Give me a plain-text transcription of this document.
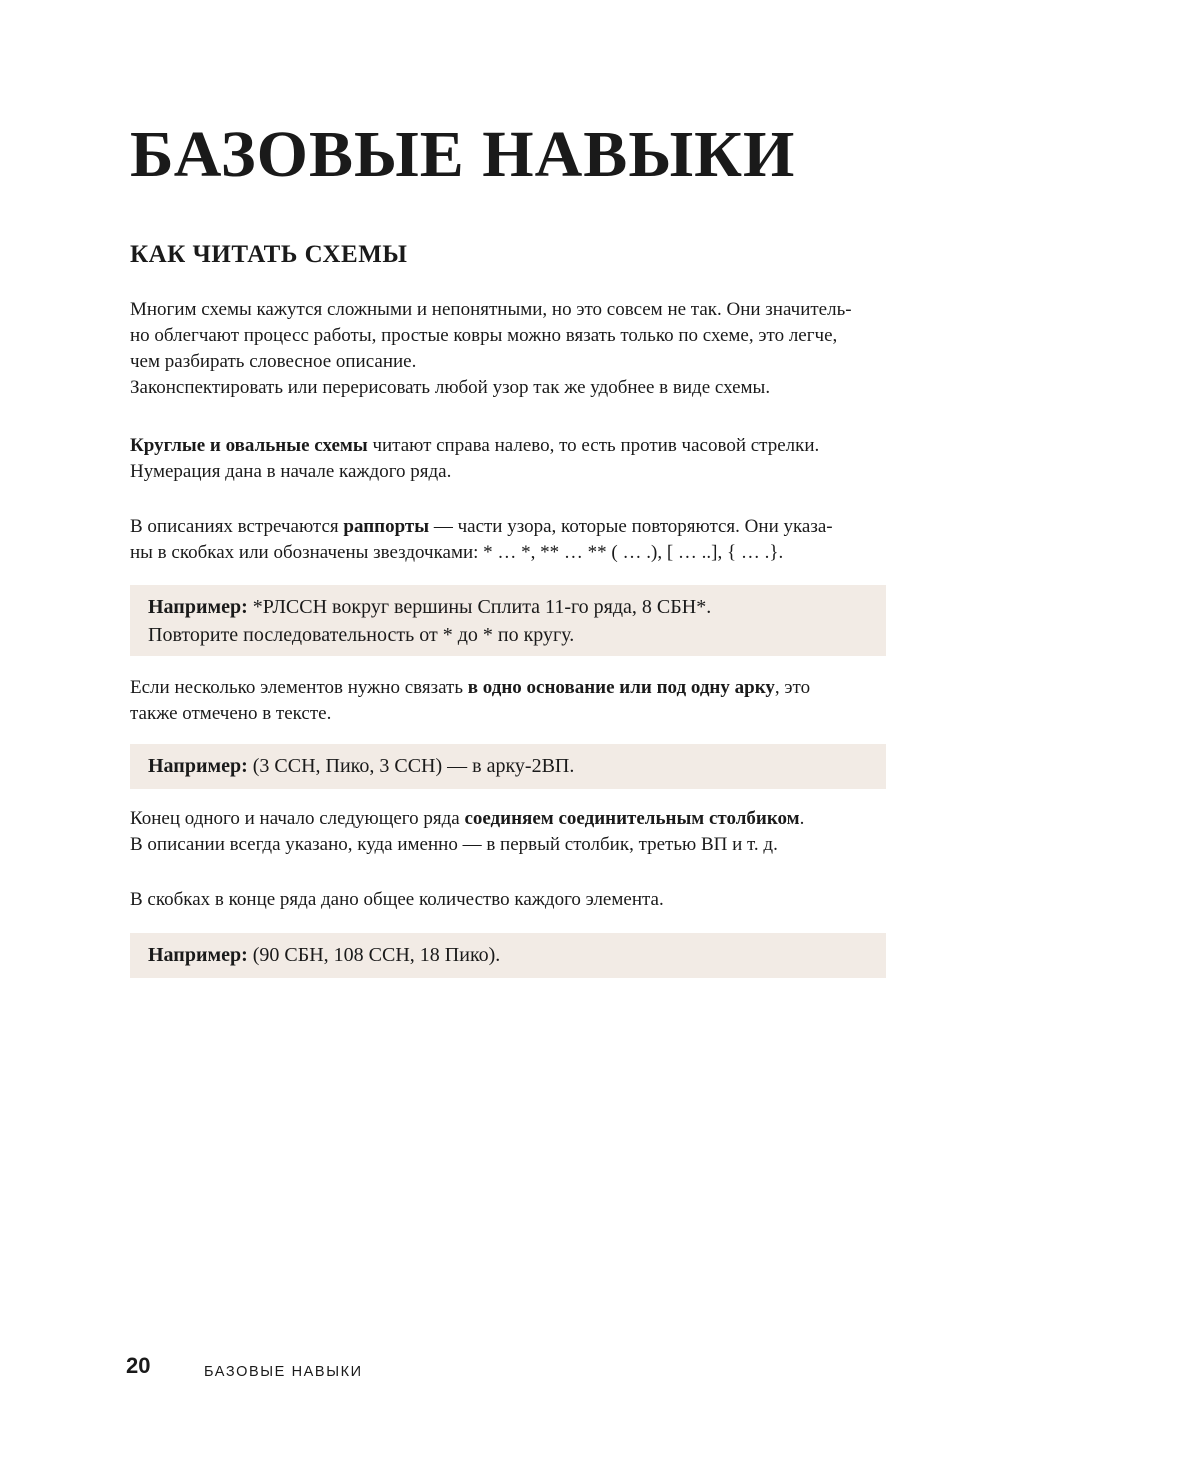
БАЗОВЫЕ НАВЫКИ
КАК ЧИТАТЬ СХЕМЫ

Многим схемы кажутся сложными и непонятными, но это совсем не так. Они значитель-
но облегчают процесс работы, простые ковры можно вязать только по схеме, это легче,
чем разбирать словесное описание.
Законспектировать или перерисовать любой узор так же удобнее в виде схемы.

Круглые и овальные схемы читают справа налево, то есть против часовой стрелки.
Нумерация дана в начале каждого ряда.

В описаниях встречаются раппорты — части узора, которые повторяются. Они указа-
ны в скобках или обозначены звездочками: * … *, ** … ** ( … .), [ … ..], { … .}.

Например: *РЛССН вокруг вершины Сплита 11-го ряда, 8 СБН*.
Повторите последовательность от * до * по кругу.

Если несколько элементов нужно связать в одно основание или под одну арку, это
также отмечено в тексте.

Например: (3 ССН, Пико, 3 ССН) — в арку-2ВП.

Конец одного и начало следующего ряда соединяем соединительным столбиком.
В описании всегда указано, куда именно — в первый столбик, третью ВП и т. д.

В скобках в конце ряда дано общее количество каждого элемента.

Например: (90 СБН, 108 ССН, 18 Пико).
20	БАЗОВЫЕ НАВЫКИ
